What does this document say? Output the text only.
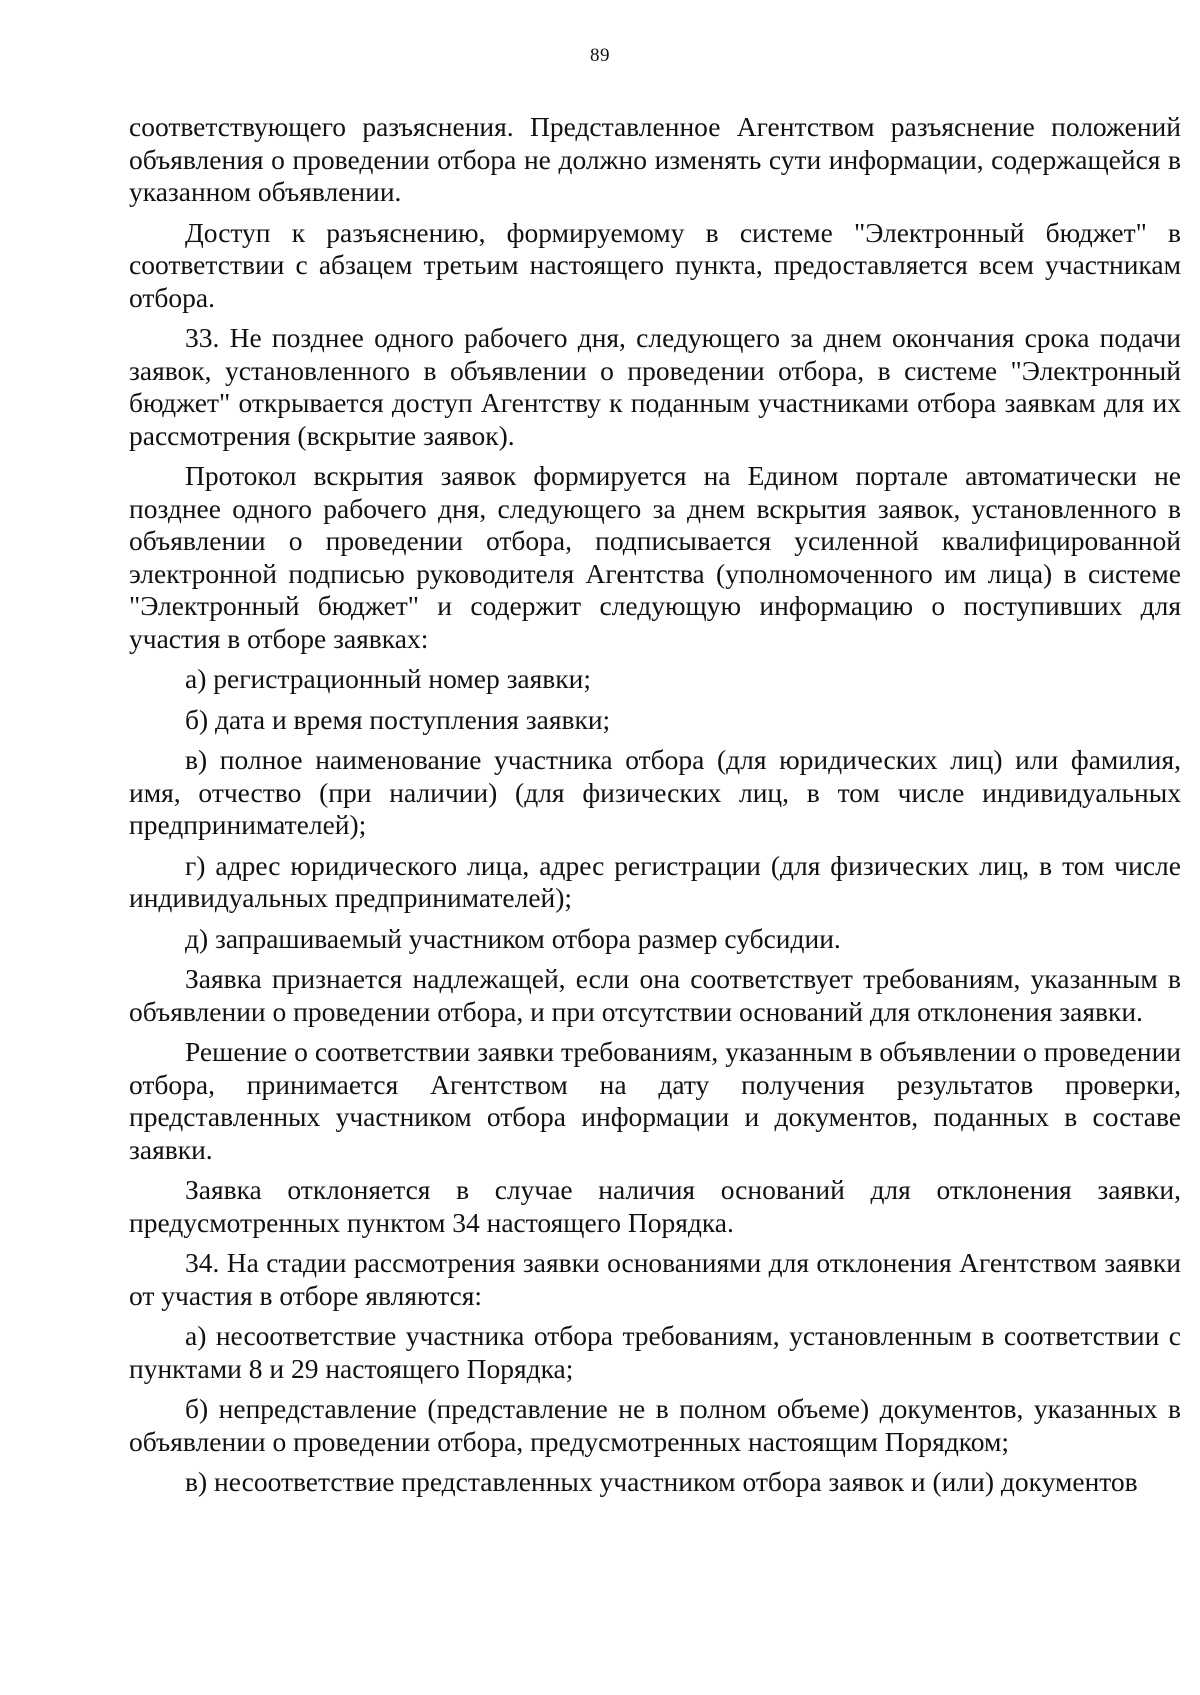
89

соответствующего разъяснения. Представленное Агентством разъяснение положений объявления о проведении отбора не должно изменять сути информации, содержащейся в указанном объявлении.

Доступ к разъяснению, формируемому в системе "Электронный бюджет" в соответствии с абзацем третьим настоящего пункта, предоставляется всем участникам отбора.

33. Не позднее одного рабочего дня, следующего за днем окончания срока подачи заявок, установленного в объявлении о проведении отбора, в системе "Электронный бюджет" открывается доступ Агентству к поданным участниками отбора заявкам для их рассмотрения (вскрытие заявок).

Протокол вскрытия заявок формируется на Едином портале автоматически не позднее одного рабочего дня, следующего за днем вскрытия заявок, установленного в объявлении о проведении отбора, подписывается усиленной квалифицированной электронной подписью руководителя Агентства (уполномоченного им лица) в системе "Электронный бюджет" и содержит следующую информацию о поступивших для участия в отборе заявках:

а) регистрационный номер заявки;

б) дата и время поступления заявки;

в) полное наименование участника отбора (для юридических лиц) или фамилия, имя, отчество (при наличии) (для физических лиц, в том числе индивидуальных предпринимателей);

г) адрес юридического лица, адрес регистрации (для физических лиц, в том числе индивидуальных предпринимателей);

д) запрашиваемый участником отбора размер субсидии.

Заявка признается надлежащей, если она соответствует требованиям, указанным в объявлении о проведении отбора, и при отсутствии оснований для отклонения заявки.

Решение о соответствии заявки требованиям, указанным в объявлении о проведении отбора, принимается Агентством на дату получения результатов проверки, представленных участником отбора информации и документов, поданных в составе заявки.

Заявка отклоняется в случае наличия оснований для отклонения заявки, предусмотренных пунктом 34 настоящего Порядка.

34. На стадии рассмотрения заявки основаниями для отклонения Агентством заявки от участия в отборе являются:

а) несоответствие участника отбора требованиям, установленным в соответствии с пунктами 8 и 29 настоящего Порядка;

б) непредставление (представление не в полном объеме) документов, указанных в объявлении о проведении отбора, предусмотренных настоящим Порядком;

в) несоответствие представленных участником отбора заявок и (или) документов
